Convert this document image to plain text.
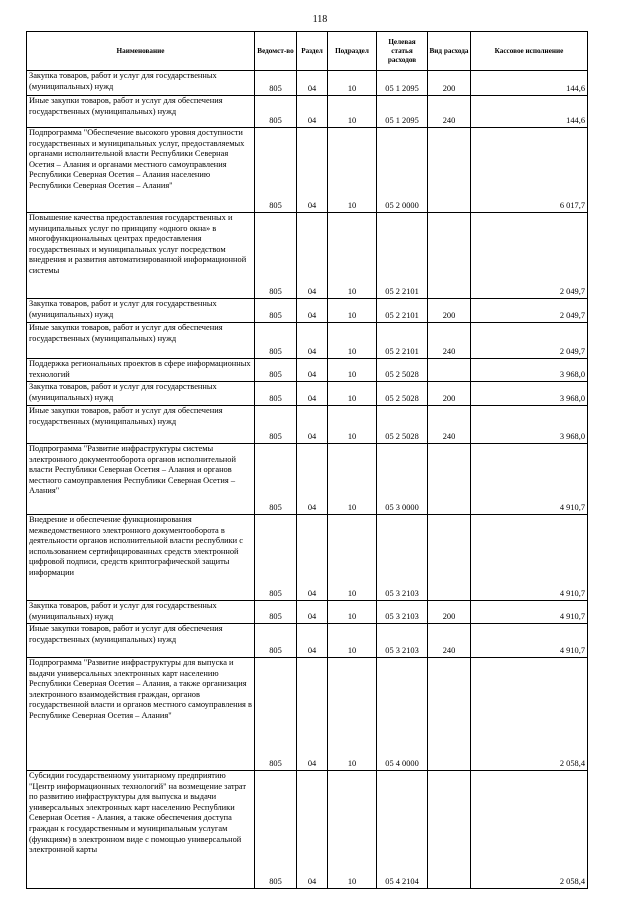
118
Наименование	Ведомст-во	Раздел	Подраздел	Целевая статья расходов	Вид расхода	Кассовое исполнение
Закупка товаров, работ и услуг для государственных (муниципальных) нужд	805	04	10	05 1 2095	200	144,6
Иные закупки товаров, работ и услуг для обеспечения государственных (муниципальных) нужд	805	04	10	05 1 2095	240	144,6
Подпрограмма "Обеспечение высокого уровня доступности государственных и муниципальных услуг, предоставляемых органами исполнительной власти Республики Северная Осетия – Алания и органами местного самоуправления Республики Северная Осетия – Алания населению Республики Северная Осетия – Алания"	805	04	10	05 2 0000		6 017,7
Повышение качества предоставления государственных и муниципальных услуг по принципу «одного окна» в многофункциональных центрах предоставления государственных и муниципальных услуг посредством внедрения и развития автоматизированной информационной системы	805	04	10	05 2 2101		2 049,7
Закупка товаров, работ и услуг для государственных (муниципальных) нужд	805	04	10	05 2 2101	200	2 049,7
Иные закупки товаров, работ и услуг для обеспечения государственных (муниципальных) нужд	805	04	10	05 2 2101	240	2 049,7
Поддержка региональных проектов в сфере информационных технологий	805	04	10	05 2 5028		3 968,0
Закупка товаров, работ и услуг для государственных (муниципальных) нужд	805	04	10	05 2 5028	200	3 968,0
Иные закупки товаров, работ и услуг для обеспечения государственных (муниципальных) нужд	805	04	10	05 2 5028	240	3 968,0
Подпрограмма "Развитие инфраструктуры системы электронного документооборота органов исполнительной власти Республики Северная Осетия – Алания и органов местного самоуправления Республики Северная Осетия – Алания"	805	04	10	05 3 0000		4 910,7
Внедрение и обеспечение функционирования межведомственного электронного документооборота в деятельности органов исполнительной власти республики с использованием сертифицированных средств электронной цифровой подписи, средств криптографической защиты информации	805	04	10	05 3 2103		4 910,7
Закупка товаров, работ и услуг для государственных (муниципальных) нужд	805	04	10	05 3 2103	200	4 910,7
Иные закупки товаров, работ и услуг для обеспечения государственных (муниципальных) нужд	805	04	10	05 3 2103	240	4 910,7
Подпрограмма "Развитие инфраструктуры для выпуска и выдачи универсальных электронных карт населению Республики Северная Осетия – Алания, а также организация электронного взаимодействия граждан, органов государственной власти и органов местного самоуправления в Республике Северная Осетия – Алания"	805	04	10	05 4 0000		2 058,4
Субсидии государственному унитарному предприятию "Центр информационных технологий" на возмещение затрат по развитию инфраструктуры для выпуска и выдачи универсальных электронных карт населению Республики Северная Осетия - Алания, а также обеспечения доступа граждан к государственным и муниципальным услугам (функциям) в электронном виде с помощью универсальной электронной карты	805	04	10	05 4 2104		2 058,4
